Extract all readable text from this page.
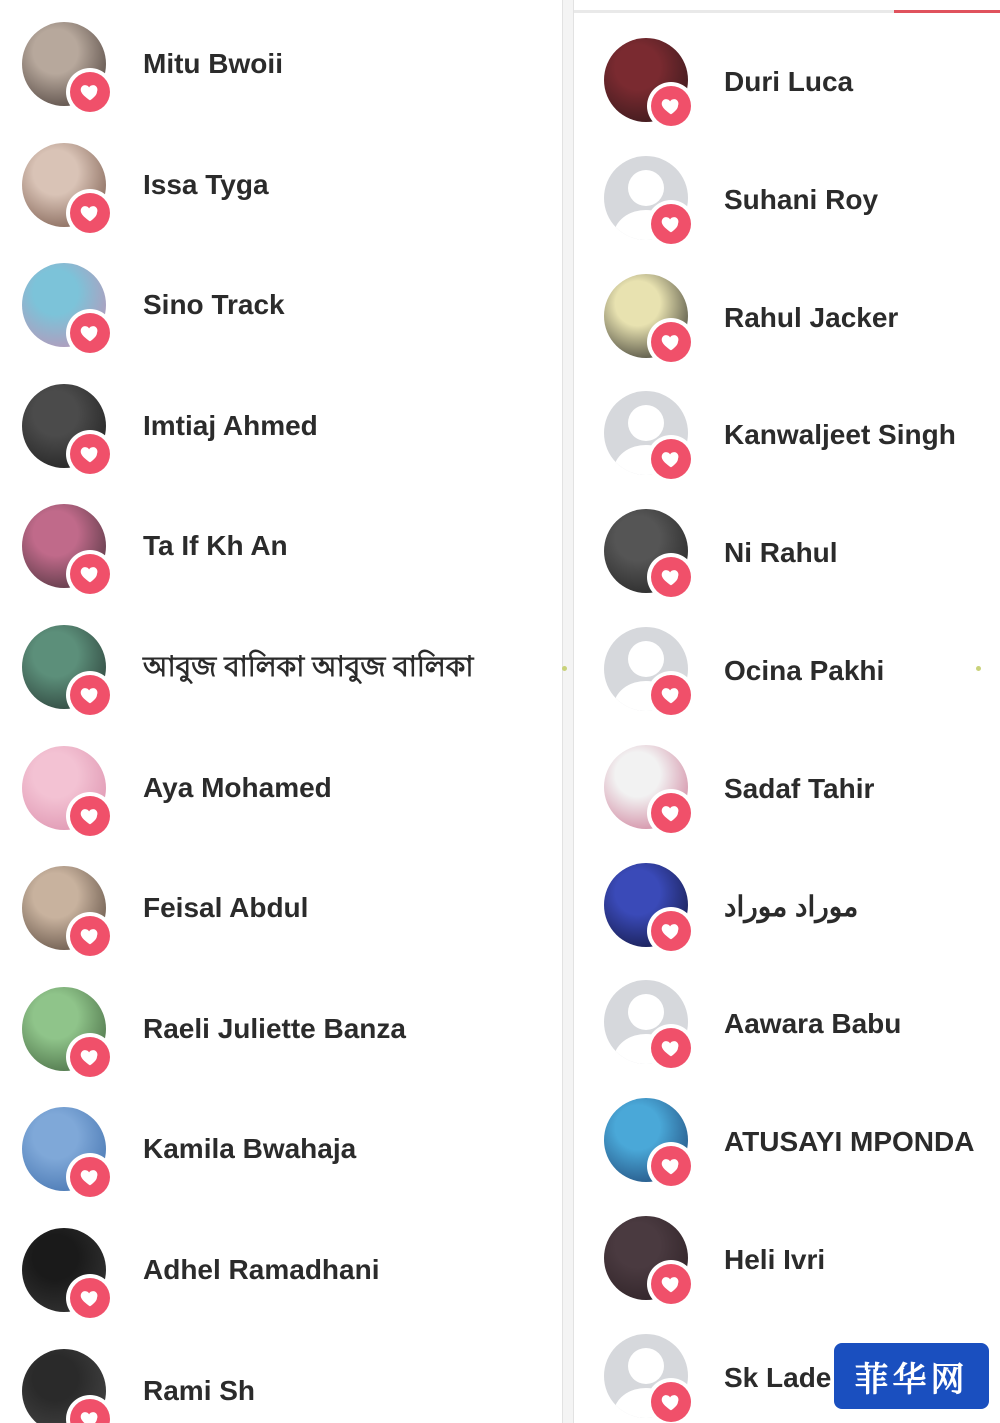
Mitu Bwoii
Issa Tyga
Sino Track
Imtiaj Ahmed
Ta If Kh An
আবুজ বালিকা আবুজ বালিকা
Aya Mohamed
Feisal Abdul
Raeli Juliette Banza
Kamila Bwahaja
Adhel Ramadhani
Rami Sh
Duri Luca
Suhani Roy
Rahul Jacker
Kanwaljeet Singh
Ni Rahul
Ocina Pakhi
Sadaf Tahir
موراد موراد
Aawara Babu
ATUSAYI MPONDA
Heli Ivri
Sk Lade 菲华网
